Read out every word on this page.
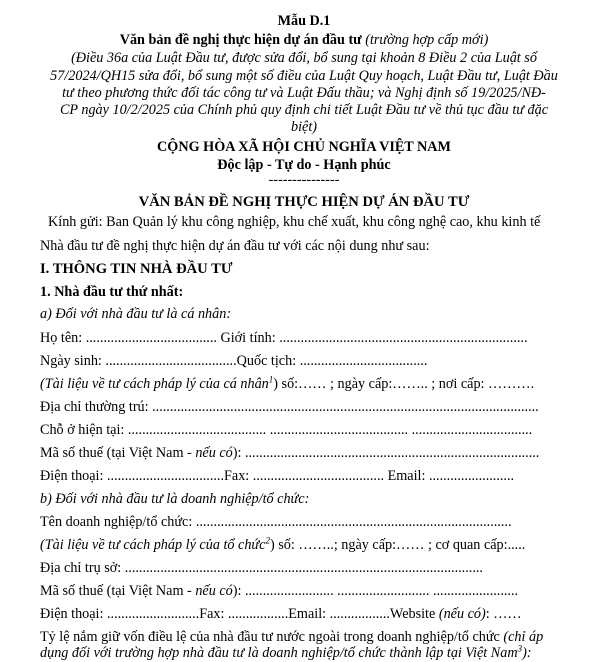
Mẫu D.1
Văn bản đề nghị thực hiện dự án đầu tư (trường hợp cấp mới)
(Điều 36a của Luật Đầu tư, được sửa đổi, bổ sung tại khoản 8 Điều 2 của Luật số
57/2024/QH15 sửa đổi, bổ sung một số điều của Luật Quy hoạch, Luật Đầu tư, Luật Đầu
tư theo phương thức đối tác công tư và Luật Đấu thầu; và Nghị định số 19/2025/NĐ-
CP ngày 10/2/2025 của Chính phủ quy định chi tiết Luật Đầu tư về thủ tục đầu tư đặc
biệt)
CỘNG HÒA XÃ HỘI CHỦ NGHĨA VIỆT NAM
Độc lập - Tự do - Hạnh phúc
---------------
VĂN BẢN ĐỀ NGHỊ THỰC HIỆN DỰ ÁN ĐẦU TƯ
Kính gửi: Ban Quản lý khu công nghiệp, khu chế xuất, khu công nghệ cao, khu kinh tế
Nhà đầu tư đề nghị thực hiện dự án đầu tư với các nội dung như sau:
I. THÔNG TIN NHÀ ĐẦU TƯ
1. Nhà đầu tư thứ nhất:
a) Đối với nhà đầu tư là cá nhân:
Họ tên: ..................................... Giới tính: ......................................................................
Ngày sinh: .....................................Quốc tịch: ....................................
(Tài liệu về tư cách pháp lý của cá nhân$^1$) số:…… ; ngày cấp:…….. ; nơi cấp: ……….
Địa chỉ thường trú: .............................................................................................................
Chỗ ở hiện tại: ....................................... ....................................... ..................................
Mã số thuế (tại Việt Nam - nếu có): ...................................................................................
Điện thoại: .................................Fax: ..................................... Email: ........................
b) Đối với nhà đầu tư là doanh nghiệp/tổ chức:
Tên doanh nghiệp/tổ chức: .........................................................................................
(Tài liệu về tư cách pháp lý của tổ chức$^2$) số: ……..; ngày cấp:…… ; cơ quan cấp:.....
Địa chỉ trụ sở: .....................................................................................................
Mã số thuế (tại Việt Nam - nếu có): ......................... .......................... ........................
Điện thoại: ..........................Fax: .................Email: .................Website (nếu có): ……
Tỷ lệ nắm giữ vốn điều lệ của nhà đầu tư nước ngoài trong doanh nghiệp/tổ chức (chỉ áp
dụng đối với trường hợp nhà đầu tư là doanh nghiệp/tổ chức thành lập tại Việt Nam$^3$):
